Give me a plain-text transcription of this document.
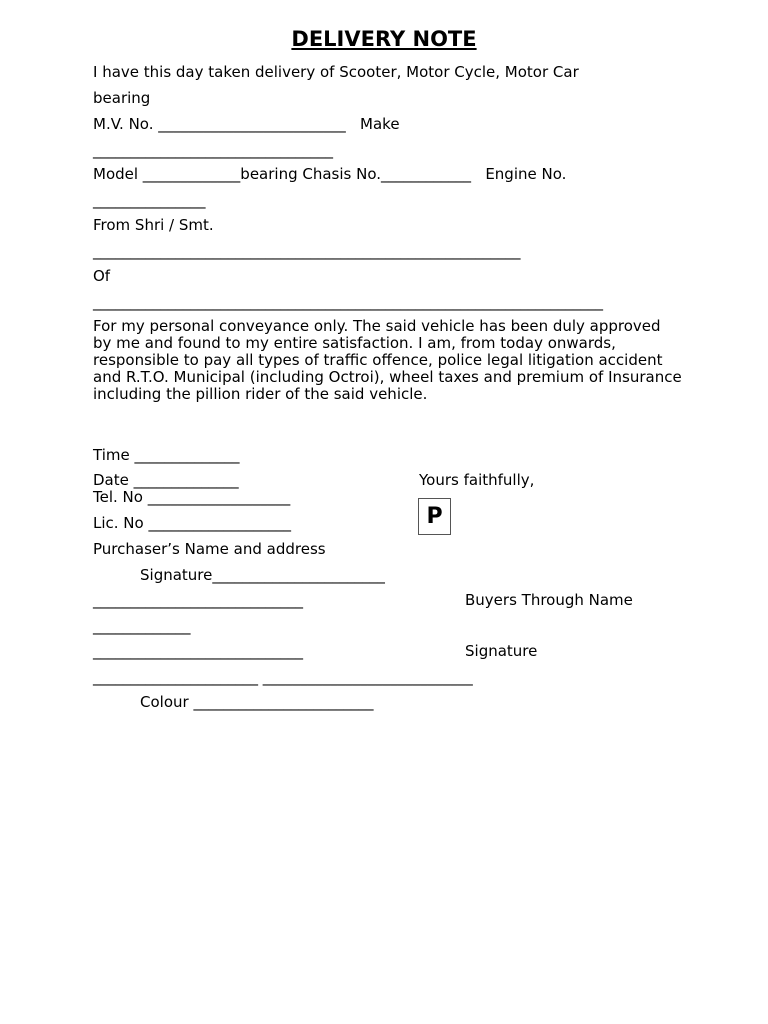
DELIVERY NOTE
I have this day taken delivery of Scooter, Motor Cycle, Motor Car
bearing
M.V. No. _________________________   Make
________________________________
Model _____________bearing Chasis No.____________   Engine No.
_______________
From Shri / Smt.
_________________________________________________________
Of
____________________________________________________________________
For my personal conveyance only. The said vehicle has been duly approved by me and found to my entire satisfaction. I am, from today onwards, responsible to pay all types of traffic offence, police legal litigation accident and R.T.O. Municipal (including Octroi), wheel taxes and premium of Insurance including the pillion rider of the said vehicle.
Time ______________
Date ______________	Yours faithfully,
Tel. No ___________________
P
Lic. No ___________________
Purchaser’s Name and address
Signature_______________________
____________________________	Buyers Through Name
_____________
____________________________	Signature
______________________ ____________________________
Colour ________________________
